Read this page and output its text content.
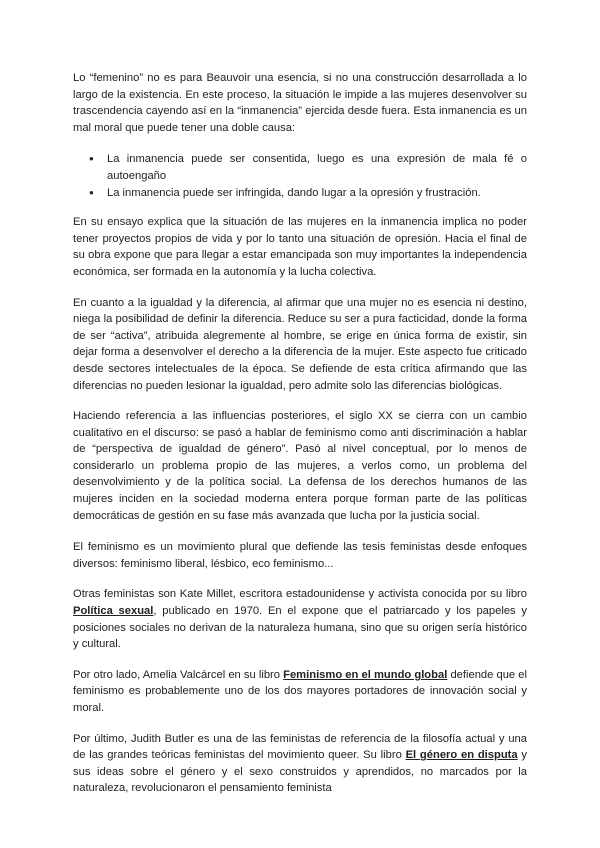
Lo “femenino” no es para Beauvoir una esencia, si no una construcción desarrollada a lo largo de la existencia. En este proceso, la situación le impide a las mujeres desenvolver su trascendencia cayendo así en la “inmanencia” ejercida desde fuera. Esta inmanencia es un mal moral que puede tener una doble causa:

● La inmanencia puede ser consentida, luego es una expresión de mala fé o autoengaño
● La inmanencia puede ser infringida, dando lugar a la opresión y frustración.

En su ensayo explica que la situación de las mujeres en la inmanencia implica no poder tener proyectos propios de vida y por lo tanto una situación de opresión. Hacia el final de su obra expone que para llegar a estar emancipada son muy importantes la independencia económica, ser formada en la autonomía y la lucha colectiva.

En cuanto a la igualdad y la diferencia, al afirmar que una mujer no es esencia ni destino, niega la posibilidad de definir la diferencia. Reduce su ser a pura facticidad, donde la forma de ser “activa”, atribuida alegremente al hombre, se erige en única forma de existir, sin dejar forma a desenvolver el derecho a la diferencia de la mujer. Este aspecto fue criticado desde sectores intelectuales de la época. Se defiende de esta crítica afirmando que las diferencias no pueden lesionar la igualdad, pero admite solo las diferencias biológicas.

Haciendo referencia a las influencias posteriores, el siglo XX se cierra con un cambio cualitativo en el discurso: se pasó a hablar de feminismo como anti discriminación a hablar de “perspectiva de igualdad de género”. Pasó al nivel conceptual, por lo menos de considerarlo un problema propio de las mujeres, a verlos como, un problema del desenvolvimiento y de la política social. La defensa de los derechos humanos de las mujeres inciden en la sociedad moderna entera porque forman parte de las políticas democráticas de gestión en su fase más avanzada que lucha por la justicia social.

El feminismo es un movimiento plural que defiende las tesis feministas desde enfoques diversos: feminismo liberal, lésbico, eco feminismo...

Otras feministas son Kate Millet, escritora estadounidense y activista conocida por su libro Política sexual, publicado en 1970. En el expone que el patriarcado y los papeles y posiciones sociales no derivan de la naturaleza humana, sino que su origen sería histórico y cultural.

Por otro lado, Amelia Valcárcel en su libro Feminismo en el mundo global defiende que el feminismo es probablemente uno de los dos mayores portadores de innovación social y moral.

Por último, Judith Butler es una de las feministas de referencia de la filosofía actual y una de las grandes teóricas feministas del movimiento queer. Su libro El género en disputa y sus ideas sobre el género y el sexo construidos y aprendidos, no marcados por la naturaleza, revolucionaron el pensamiento feminista
